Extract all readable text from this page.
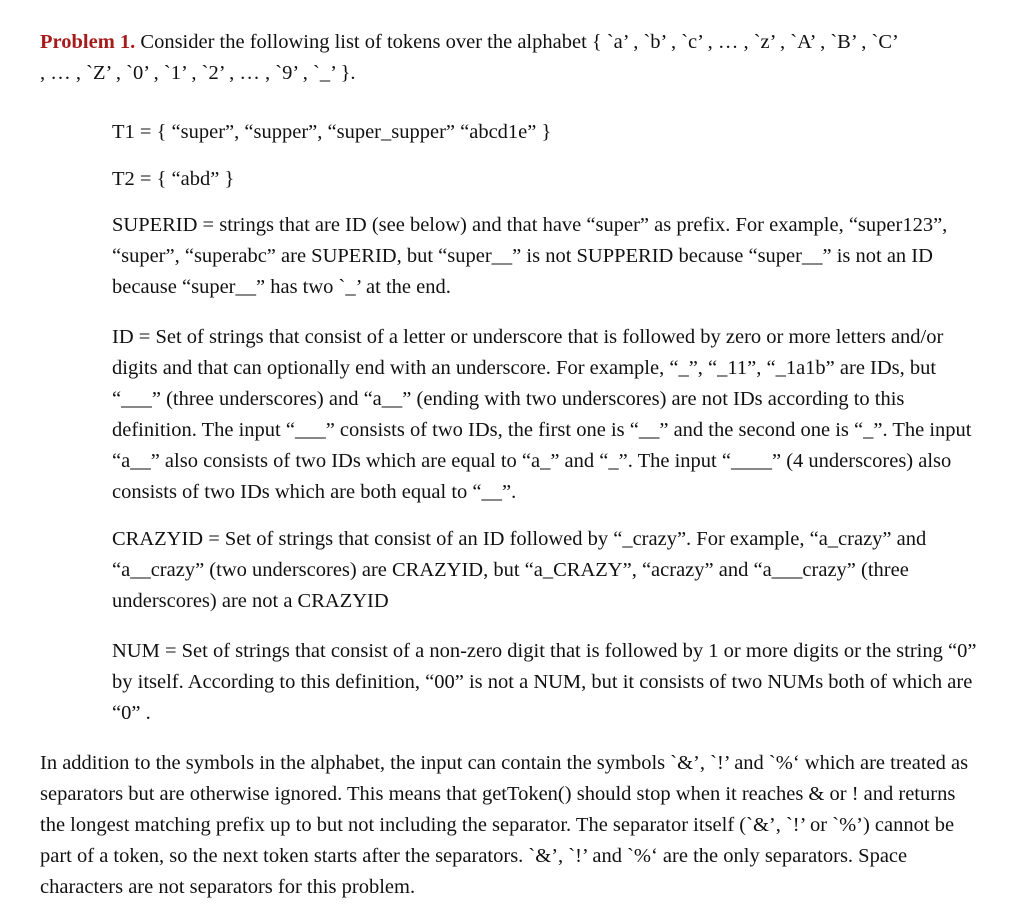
Problem 1. Consider the following list of tokens over the alphabet { `a’ , `b’ , `c’ , … , `z’ , `A’ , `B’ , `C’
, … , `Z’ , `0’ , `1’ , `2’ , … , `9’ , `_’ }.

T1 = { “super”, “supper”, “super_supper” “abcd1e” }

T2 = { “abd” }

SUPERID = strings that are ID (see below) and that have “super” as prefix. For example, “super123”, “super”, “superabc” are SUPERID, but “super__” is not SUPPERID because “super__” is not an ID because “super__” has two `_’ at the end.

ID = Set of strings that consist of a letter or underscore that is followed by zero or more letters and/or digits and that can optionally end with an underscore. For example, “_”, “_11”, “_1a1b” are IDs, but “___” (three underscores) and “a__” (ending with two underscores) are not IDs according to this definition. The input “___” consists of two IDs, the first one is “__” and the second one is “_”. The input “a__” also consists of two IDs which are equal to “a_” and “_”. The input “____” (4 underscores) also consists of two IDs which are both equal to “__”.

CRAZYID = Set of strings that consist of an ID followed by “_crazy”. For example, “a_crazy” and “a__crazy” (two underscores) are CRAZYID, but “a_CRAZY”, “acrazy” and “a___crazy” (three underscores) are not a CRAZYID

NUM = Set of strings that consist of a non-zero digit that is followed by 1 or more digits or the string “0” by itself. According to this definition, “00” is not a NUM, but it consists of two NUMs both of which are “0” .

In addition to the symbols in the alphabet, the input can contain the symbols `&’, `!’ and `%‘ which are treated as separators but are otherwise ignored. This means that getToken() should stop when it reaches & or ! and returns the longest matching prefix up to but not including the separator. The separator itself (`&’, `!’ or `%’) cannot be part of a token, so the next token starts after the separators. `&’, `!’ and `%‘ are the only separators. Space characters are not separators for this problem.
